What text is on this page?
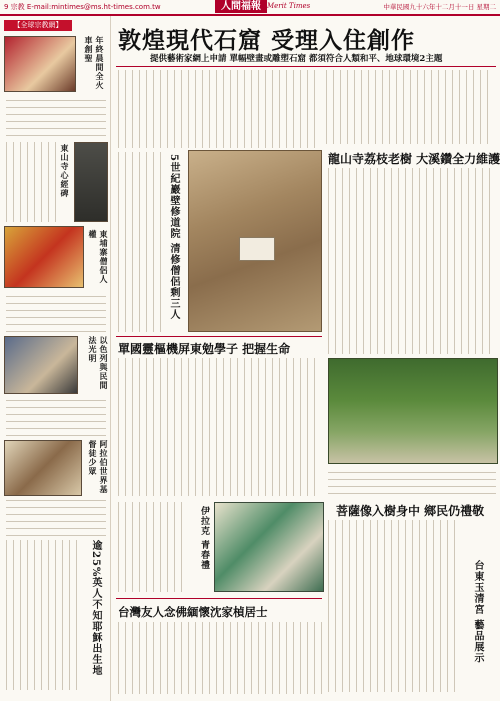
9 宗教 E-mail:mintimes@ms.ht-times.com.tw	人間福報 Merit Times	中華民國九十六年十二月十一日 星期二
【全球宗教網】
年終晨間全火車創聖
東山寺心經碑
東埔寨僧侶人權
以色列與民間法光明
阿拉伯世界基督徒少眾
逾25%英人不知耶穌出生地
敦煌現代石窟 受理入住創作
提供藝術家網上申請 單幅壁畫或雕塑石窟 都須符合人類和平、地球環境2主題
5世紀巖壁修道院 清修僧侶剩三人	龍山寺荔枝老樹 大溪鑽全力維護
單國靈樞機屏東勉學子 把握生命
菩薩像入樹身中 鄉民仍禮敬
台東玉清宮 藝品展示
伊拉克 青春禮
台灣友人念佛緬懷沈家楨居士
